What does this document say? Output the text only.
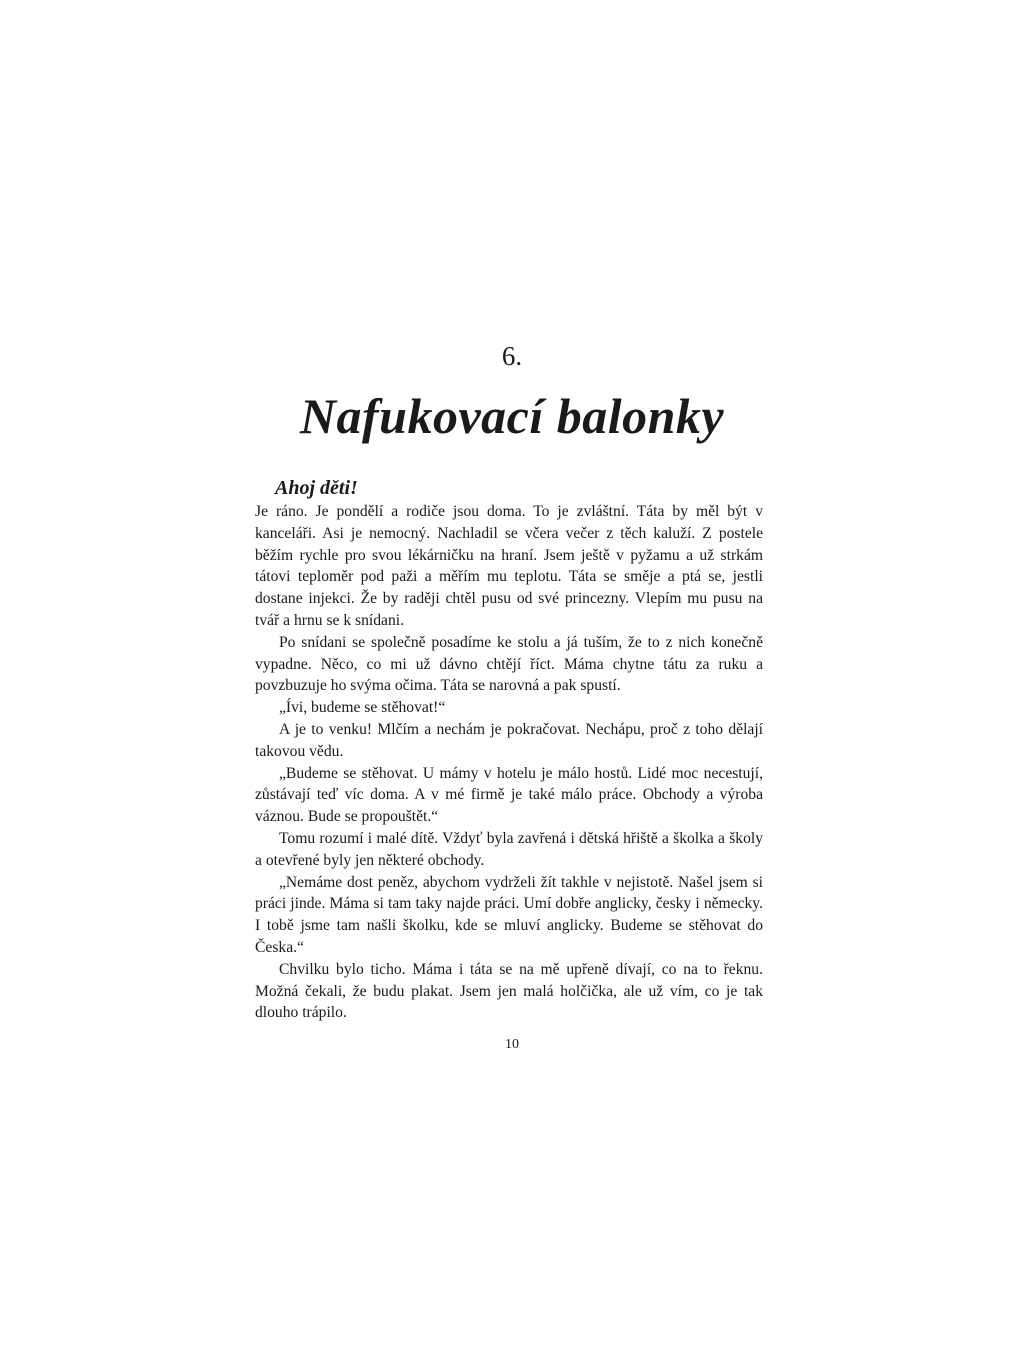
6.
Nafukovací balonky
Ahoj děti!

Je ráno. Je pondělí a rodiče jsou doma. To je zvláštní. Táta by měl být v kanceláři. Asi je nemocný. Nachladil se včera večer z těch kaluží. Z postele běžím rychle pro svou lékárničku na hraní. Jsem ještě v pyžamu a už strkám tátovi teploměr pod paži a měřím mu teplotu. Táta se směje a ptá se, jestli dostane injekci. Že by raději chtěl pusu od své princezny. Vlepím mu pusu na tvář a hrnu se k snídani.

Po snídani se společně posadíme ke stolu a já tuším, že to z nich konečně vypadne. Něco, co mi už dávno chtějí říct. Máma chytne tátu za ruku a povzbuzuje ho svýma očima. Táta se narovná a pak spustí.

„Ívi, budeme se stěhovat!“

A je to venku! Mlčím a nechám je pokračovat. Nechápu, proč z toho dělají takovou vědu.

„Budeme se stěhovat. U mámy v hotelu je málo hostů. Lidé moc necestují, zůstávají teď víc doma. A v mé firmě je také málo práce. Obchody a výroba váznou. Bude se propouštět.“

Tomu rozumí i malé dítě. Vždyť byla zavřená i dětská hřiště a školka a školy a otevřené byly jen některé obchody.

„Nemáme dost peněz, abychom vydrželi žít takhle v nejistotě. Našel jsem si práci jinde. Máma si tam taky najde práci. Umí dobře anglicky, česky i německy. I tobě jsme tam našli školku, kde se mluví anglicky. Budeme se stěhovat do Česka.“

Chvilku bylo ticho. Máma i táta se na mě upřeně dívají, co na to řeknu. Možná čekali, že budu plakat. Jsem jen malá holčička, ale už vím, co je tak dlouho trápilo.

10
